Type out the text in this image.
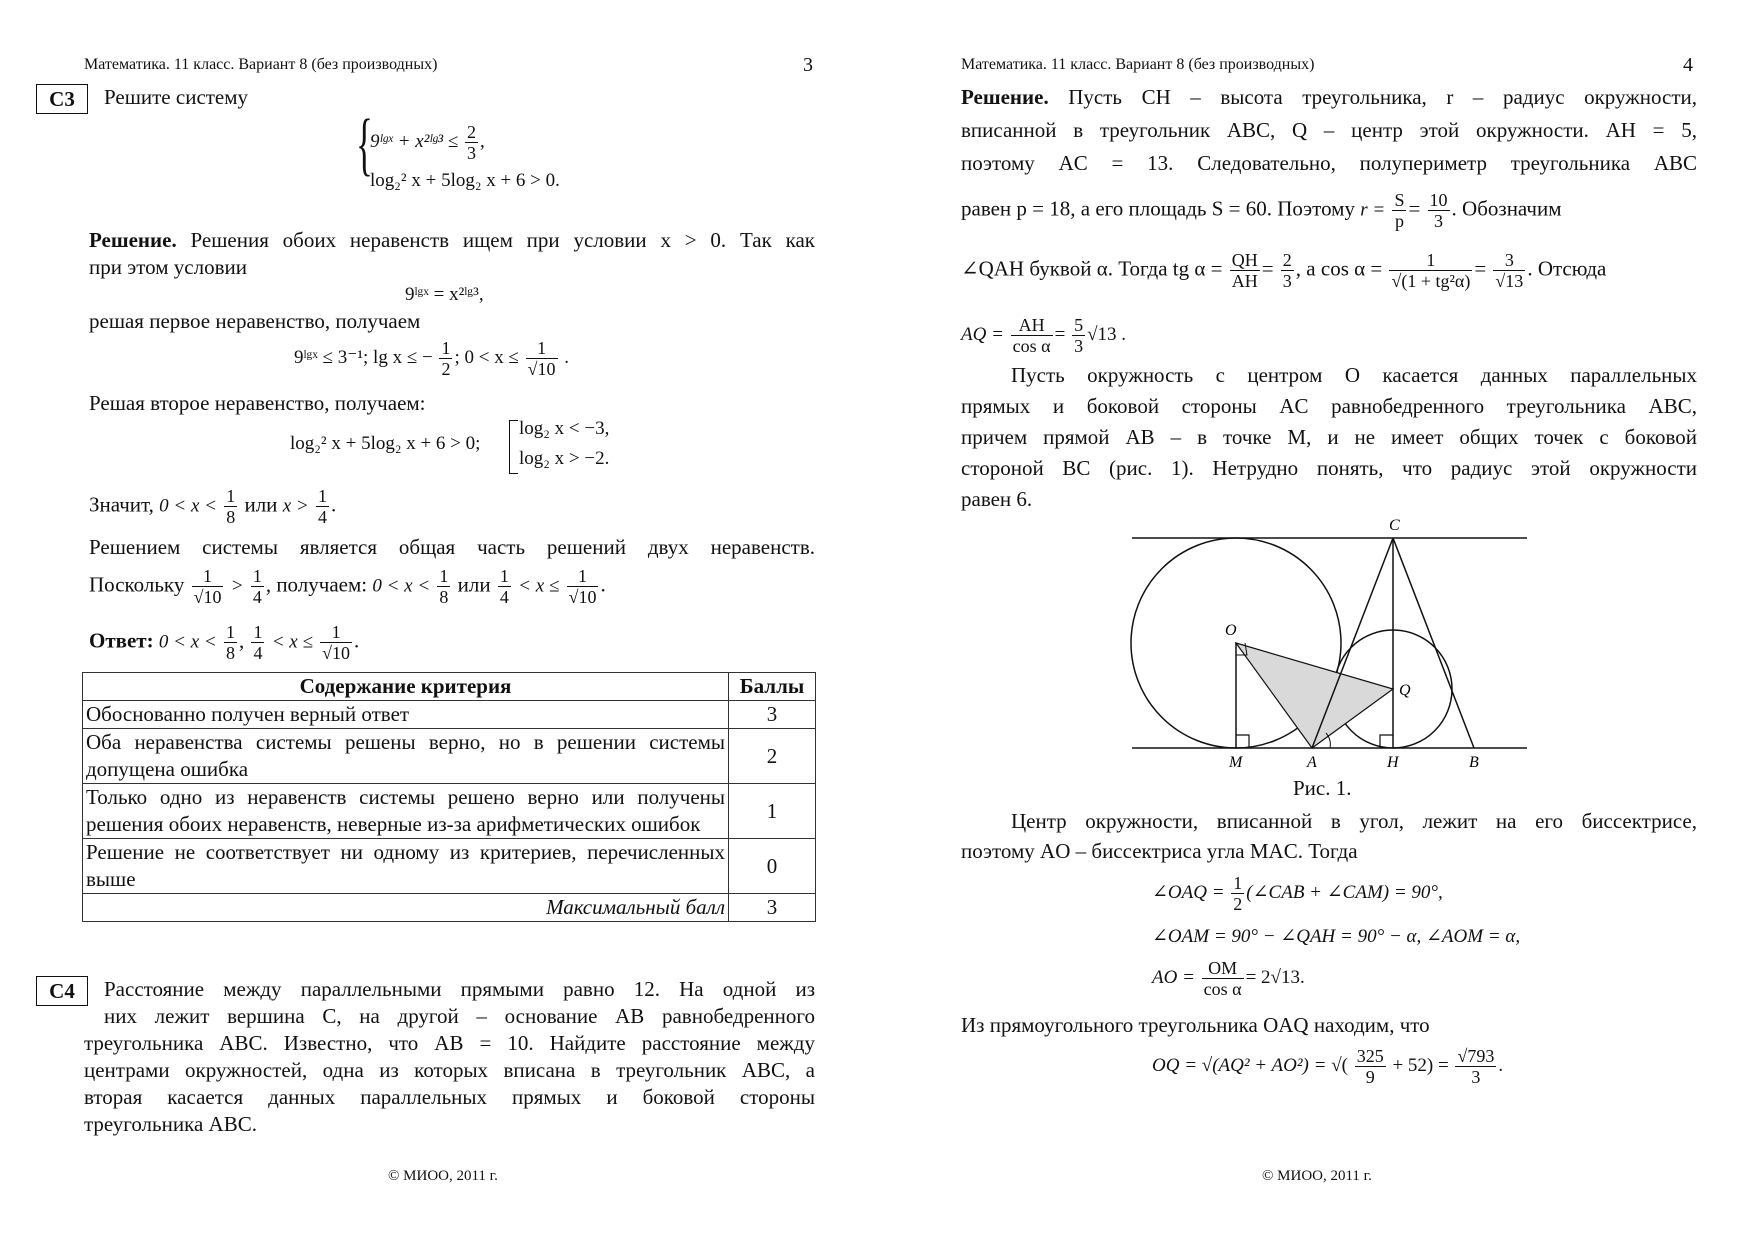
Математика. 11 класс. Вариант 8 (без производных)	3
C3	Решите систему
{
9ˡᵍˣ + x²ˡᵍ³ ≤ $\frac{2}{3}$ ,
log₂² x + 5log₂ x + 6 > 0.
Решение. Решения обоих неравенств ищем при условии x > 0. Так как
при этом условии
9ˡᵍˣ = x²ˡᵍ³,
решая первое неравенство, получаем
9ˡᵍˣ ≤ 3⁻¹; lg x ≤ − $\frac{1}{2}$ ; $0 < x \le \frac{1}{√10}$ .
Решая второе неравенство, получаем:
log₂² x + 5log₂ x + 6 > 0;
log₂ x < −3,
log₂ x > −2.
Значит, $0 < x < \frac{1}{8}$ или $x > \frac{1}{4}$ .
Решением системы является общая часть решений двух неравенств.
Поскольку $\frac{1}{√10} > \frac{1}{4}$ , получаем: $0 < x < \frac{1}{8}$ или $\frac{1}{4} < x \le \frac{1}{√10}$ .
Ответ: $0 < x < \frac{1}{8}$ , $\frac{1}{4} < x \le \frac{1}{√10}$ .
Содержание критерия	Баллы
Обоснованно получен верный ответ	3
Оба неравенства системы решены верно, но в решении системы допущена ошибка	2
Только одно из неравенств системы решено верно или получены решения обоих неравенств, неверные из-за арифметических ошибок	1
Решение не соответствует ни одному из критериев, перечисленных выше	0
Максимальный балл	3
C4	Расстояние между параллельными прямыми равно 12. На одной из
них лежит вершина C, на другой – основание AB равнобедренного
треугольника ABC. Известно, что AB = 10. Найдите расстояние между
центрами окружностей, одна из которых вписана в треугольник ABC, а
вторая касается данных параллельных прямых и боковой стороны
треугольника ABC.
© МИОО, 2011 г.
Математика. 11 класс. Вариант 8 (без производных)	4
Решение. Пусть CH – высота треугольника, r – радиус окружности,
вписанной в треугольник ABC, Q – центр этой окружности. AH = 5,
поэтому AC = 13. Следовательно, полупериметр треугольника ABC
равен p = 18, а его площадь S = 60. Поэтому $r = \frac{S}{p} = \frac{10}{3}$ . Обозначим
∠QAH буквой α. Тогда tg $\alpha = \frac{QH}{AH} = \frac{2}{3}$ , а $\cos \alpha = \frac{1}{\text{√(1 + tg²α)}} = \frac{3}{√13}$ . Отсюда
AQ = $\frac{AH}{\text{cos α}} = \frac{5}{3} √13$ .
Пусть окружность с центром O касается данных параллельных
прямых и боковой стороны AC равнобедренного треугольника ABC,
причем прямой AB – в точке M, и не имеет общих точек с боковой
стороной BC (рис. 1). Нетрудно понять, что радиус этой окружности
равен 6.
C
O
Q
M	A	H	B
Рис. 1.
Центр окружности, вписанной в угол, лежит на его биссектрисе,
поэтому AO – биссектриса угла MAC. Тогда
∠OAQ = $\frac{1}{2}$ (∠CAB + ∠CAM) = 90°,
∠OAM = 90° − ∠QAH = 90° − α, ∠AOM = α,
AO = $\frac{OM}{\text{cos α}} = 2√13$.
Из прямоугольного треугольника OAQ находим, что
OQ = √(AQ² + AO²) = √( $\frac{325}{9} + 52) = \frac{√793}{3}$ .
© МИОО, 2011 г.
